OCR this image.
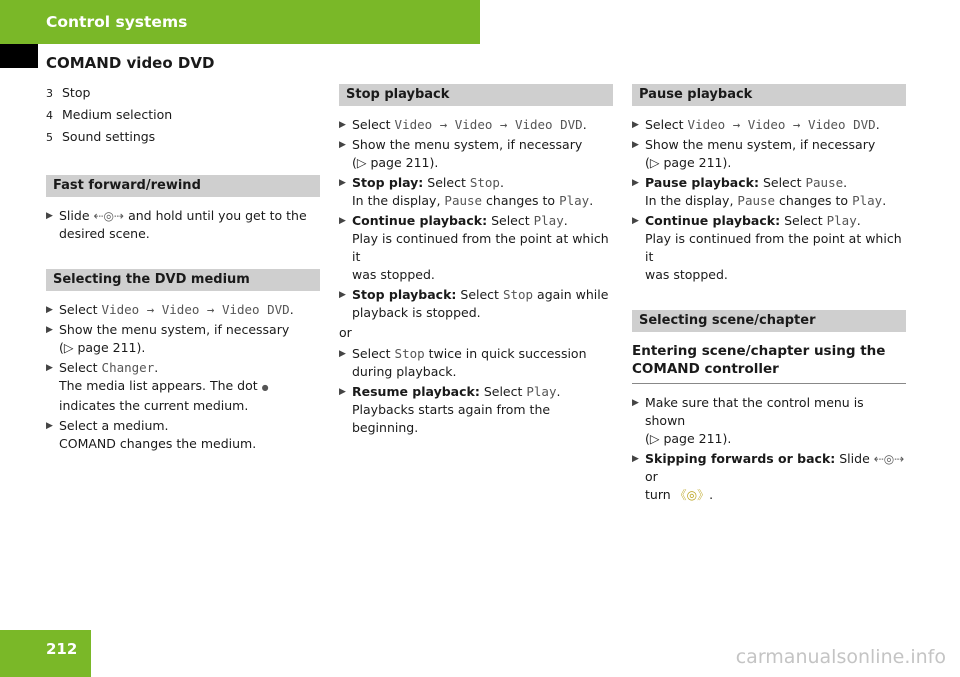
Control systems
COMAND video DVD
3 Stop
4 Medium selection
5 Sound settings
Fast forward/rewind
▶ Slide ⇠◎⇢ and hold until you get to the
desired scene.
Selecting the DVD medium
▶ Select Video → Video → Video DVD.
▶ Show the menu system, if necessary
(▷ page 211).
▶ Select Changer.
The media list appears. The dot ●
indicates the current medium.
▶ Select a medium.
COMAND changes the medium.
Stop playback
▶ Select Video → Video → Video DVD.
▶ Show the menu system, if necessary
(▷ page 211).
▶ Stop play: Select Stop.
In the display, Pause changes to Play.
▶ Continue playback: Select Play.
Play is continued from the point at which it
was stopped.
▶ Stop playback: Select Stop again while
playback is stopped.
or
▶ Select Stop twice in quick succession
during playback.
▶ Resume playback: Select Play.
Playbacks starts again from the beginning.
Pause playback
▶ Select Video → Video → Video DVD.
▶ Show the menu system, if necessary
(▷ page 211).
▶ Pause playback: Select Pause.
In the display, Pause changes to Play.
▶ Continue playback: Select Play.
Play is continued from the point at which it
was stopped.
Selecting scene/chapter
Entering scene/chapter using the
COMAND controller
▶ Make sure that the control menu is shown
(▷ page 211).
▶ Skipping forwards or back: Slide ⇠◎⇢ or
turn 《◎》.
212	carmanualsonline.info
